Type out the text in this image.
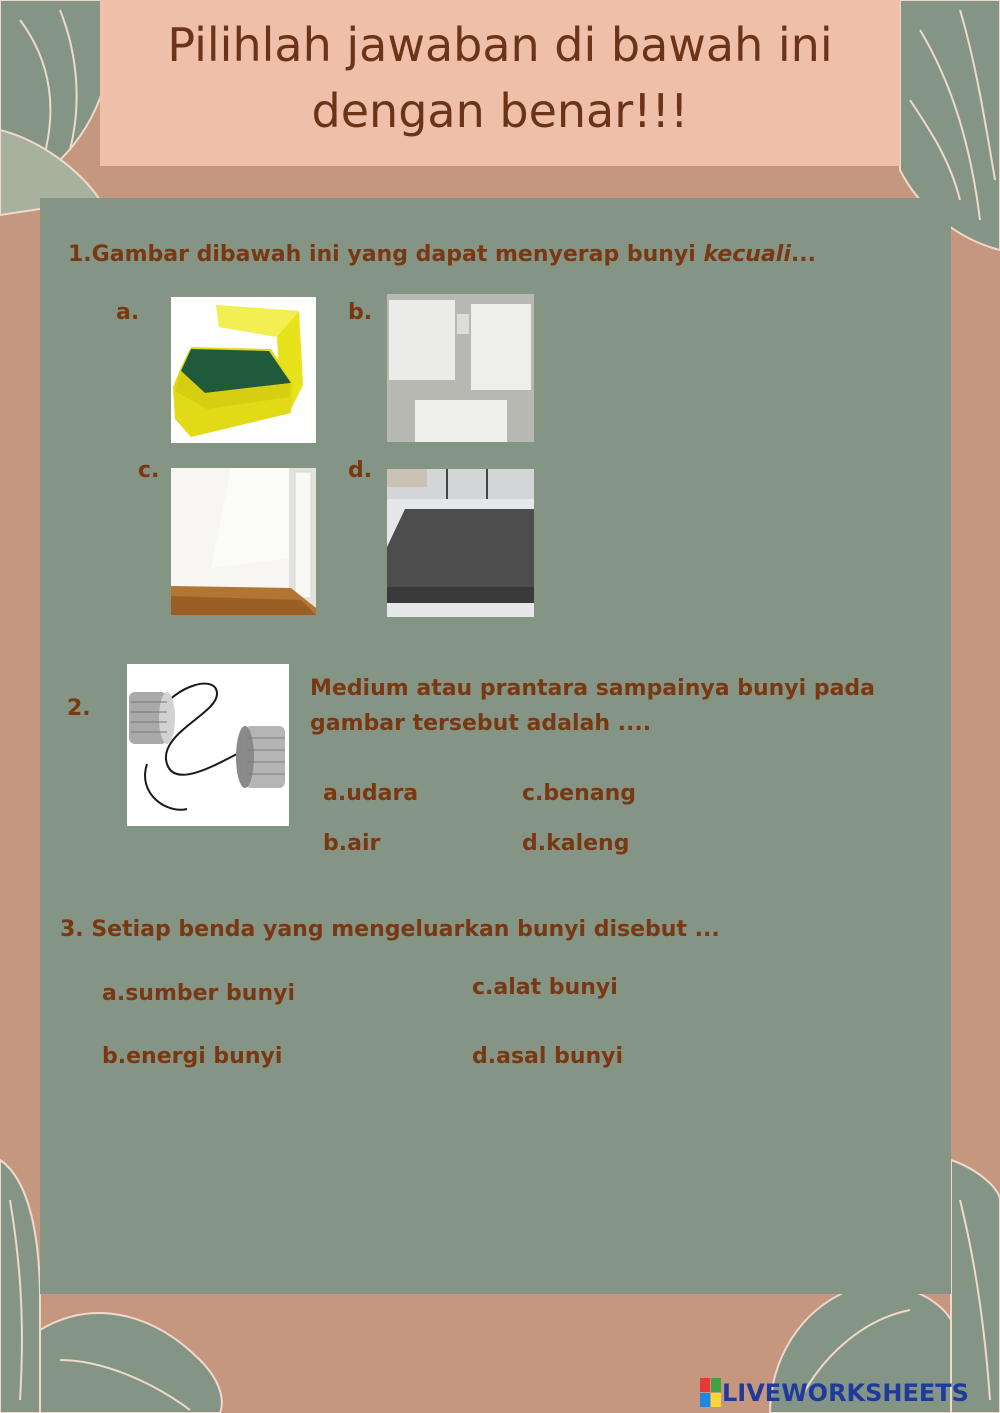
Pilihlah jawaban di bawah ini
dengan benar!!!
1.Gambar dibawah ini yang dapat menyerap bunyi kecuali...
a.	b.
c.	d.
2.
Medium atau prantara sampainya bunyi pada
gambar tersebut adalah ....
a.udara	c.benang
b.air	d.kaleng
3. Setiap benda yang mengeluarkan bunyi disebut ...
a.sumber bunyi	c.alat bunyi
b.energi bunyi	d.asal bunyi
LIVEWORKSHEETS
